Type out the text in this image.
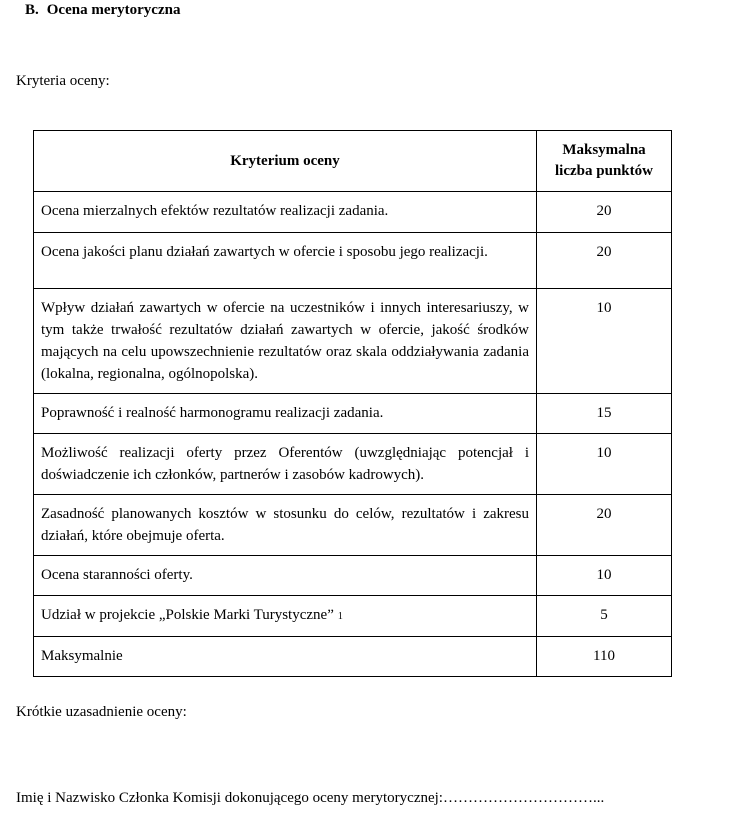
B. Ocena merytoryczna
Kryteria oceny:
Kryterium oceny	Maksymalna
liczba punktów
Ocena mierzalnych efektów rezultatów realizacji zadania.	20
Ocena jakości planu działań zawartych w ofercie i sposobu jego realizacji.	20
Wpływ działań zawartych w ofercie na uczestników i innych interesariuszy, w tym także trwałość rezultatów działań zawartych w ofercie, jakość środków mających na celu upowszechnienie rezultatów oraz skala oddziaływania zadania (lokalna, regionalna, ogólnopolska).	10
Poprawność i realność harmonogramu realizacji zadania.	15
Możliwość realizacji oferty przez Oferentów (uwzględniając potencjał i doświadczenie ich członków, partnerów i zasobów kadrowych).	10
Zasadność planowanych kosztów w stosunku do celów, rezultatów i zakresu działań, które obejmuje oferta.	20
Ocena staranności oferty.	10
Udział w projekcie „Polskie Marki Turystyczne” 1	5
Maksymalnie	110
Krótkie uzasadnienie oceny:
Imię i Nazwisko Członka Komisji dokonującego oceny merytorycznej:…………………………...
